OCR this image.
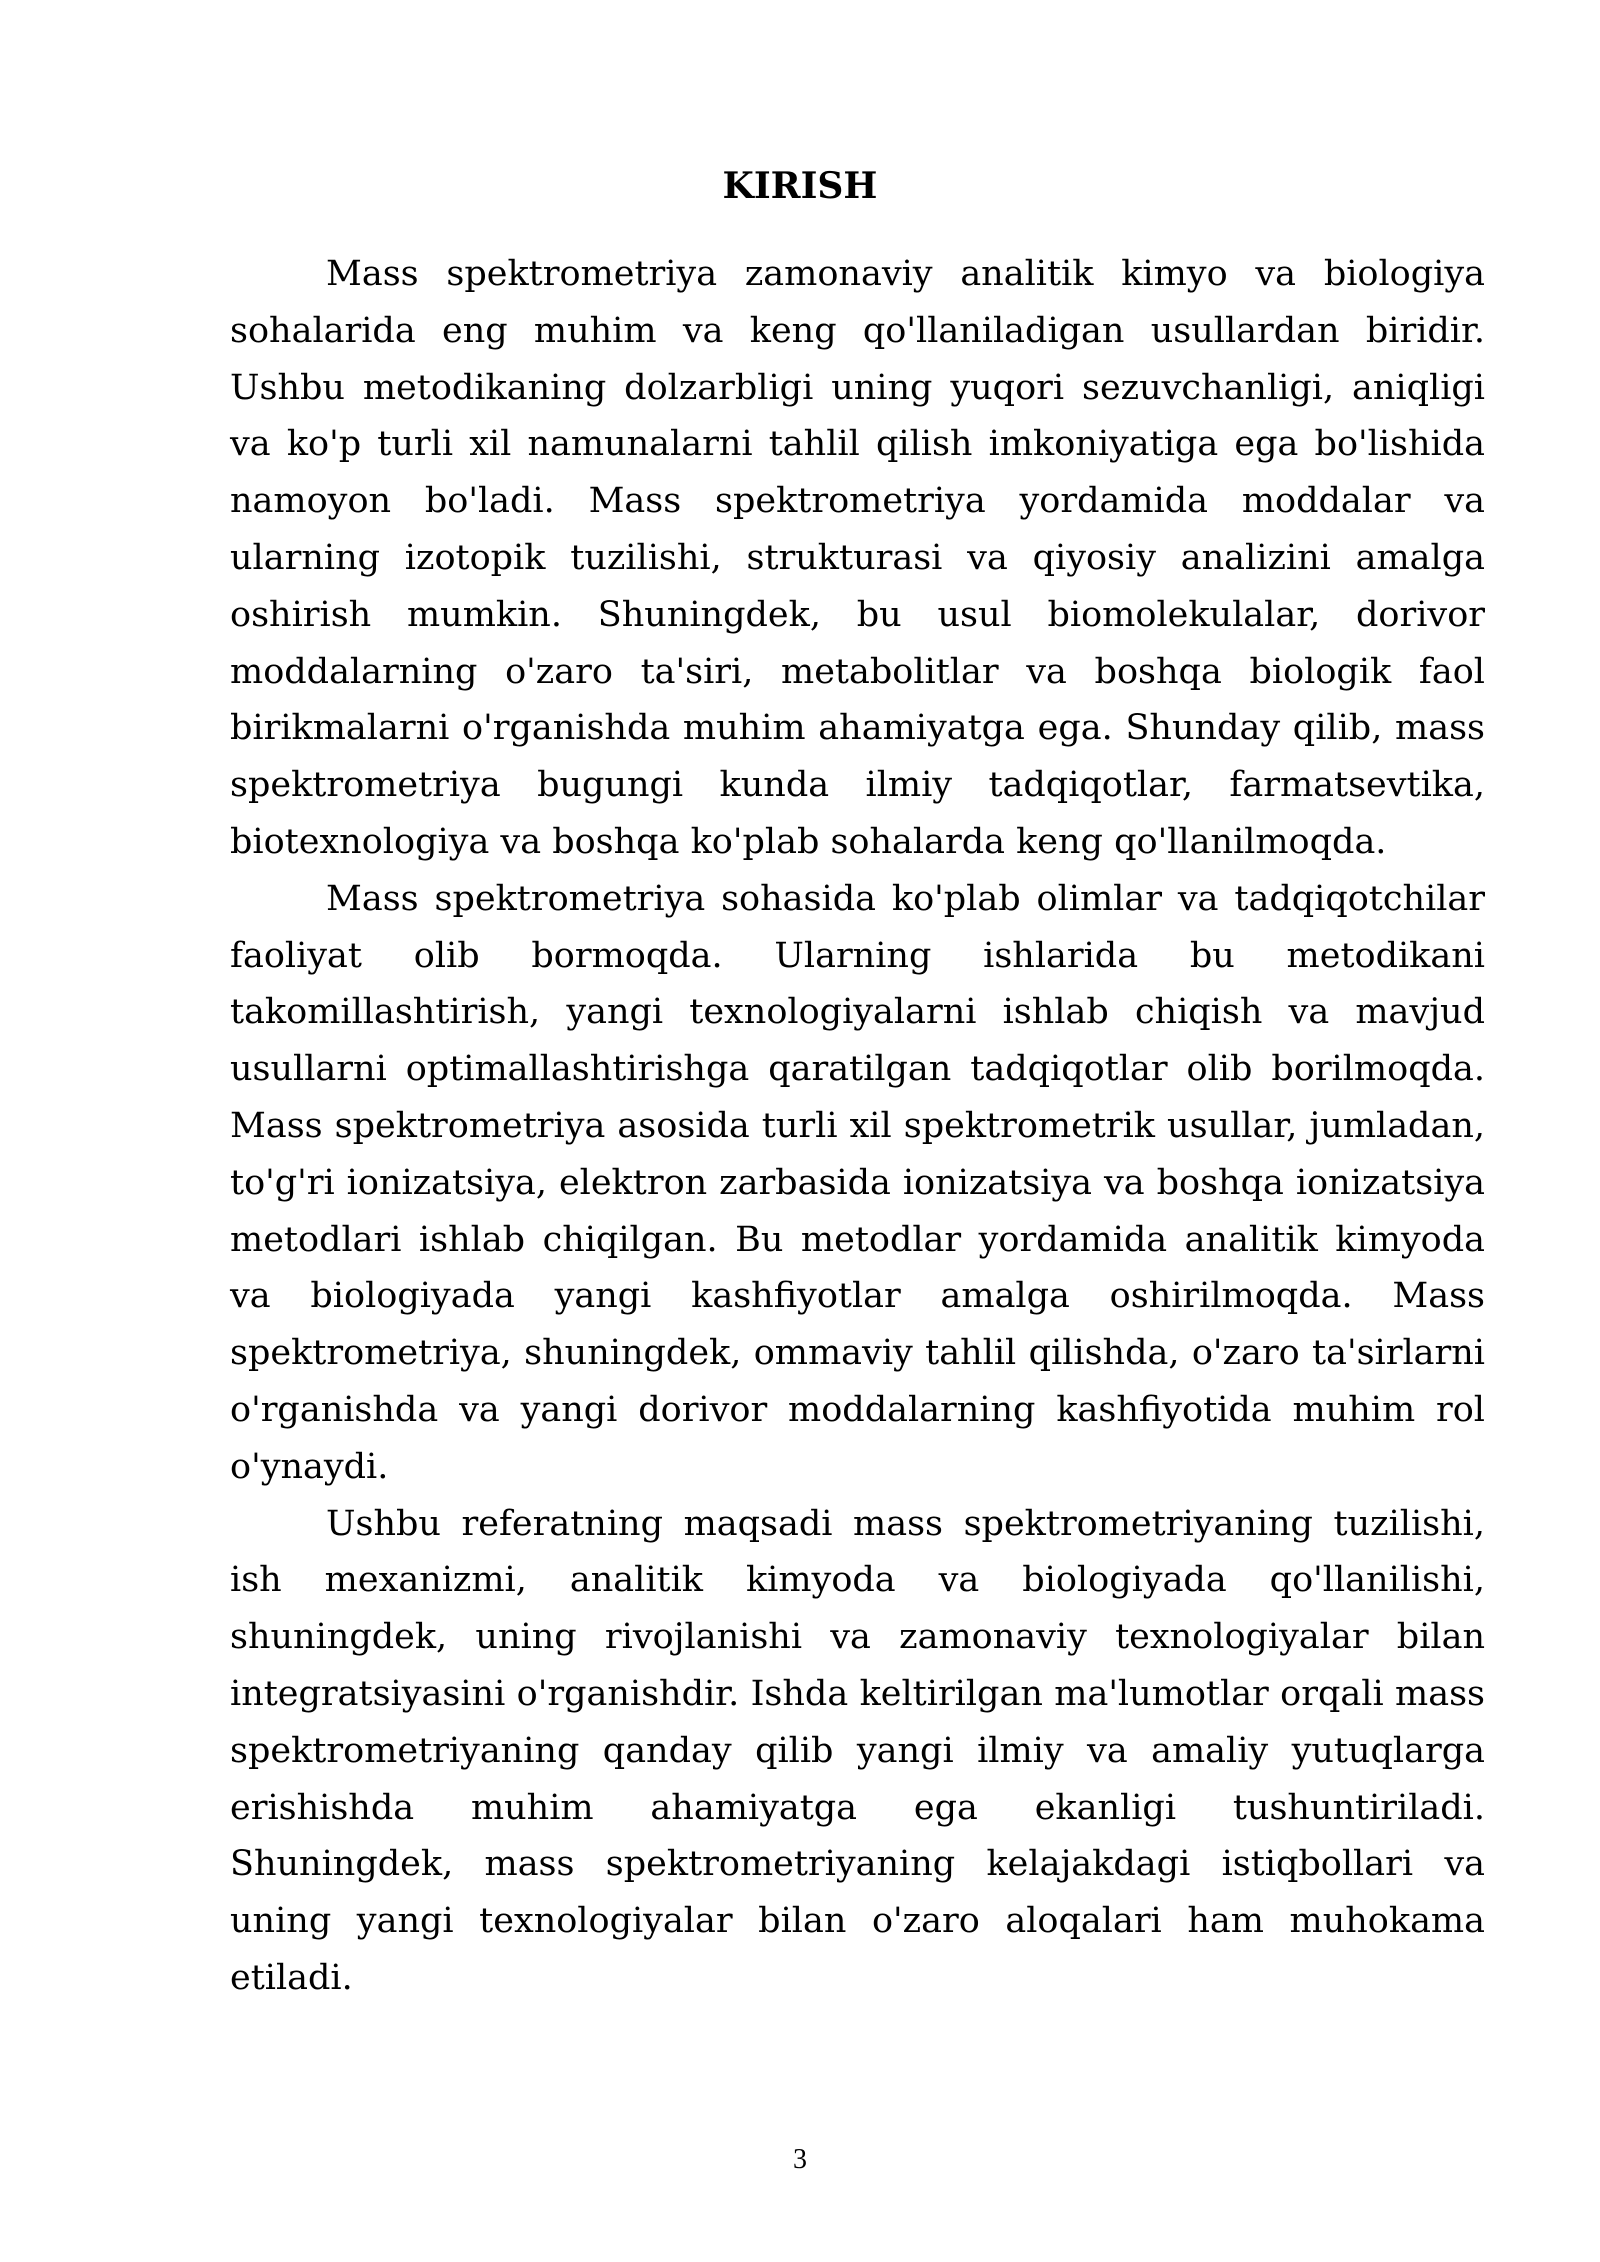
KIRISH

Mass spektrometriya zamonaviy analitik kimyo va biologiya sohalarida eng muhim va keng qo'llaniladigan usullardan biridir. Ushbu metodikaning dolzarbligi uning yuqori sezuvchanligi, aniqligi va ko'p turli xil namunalarni tahlil qilish imkoniyatiga ega bo'lishida namoyon bo'ladi. Mass spektrometriya yordamida moddalar va ularning izotopik tuzilishi, strukturasi va qiyosiy analizini amalga oshirish mumkin. Shuningdek, bu usul biomolekulalar, dorivor moddalarning o'zaro ta'siri, metabolitlar va boshqa biologik faol birikmalarni o'rganishda muhim ahamiyatga ega. Shunday qilib, mass spektrometriya bugungi kunda ilmiy tadqiqotlar, farmatsevtika, biotexnologiya va boshqa ko'plab sohalarda keng qo'llanilmoqda.

Mass spektrometriya sohasida ko'plab olimlar va tadqiqotchilar faoliyat olib bormoqda. Ularning ishlarida bu metodikani takomillashtirish, yangi texnologiyalarni ishlab chiqish va mavjud usullarni optimallashtirishga qaratilgan tadqiqotlar olib borilmoqda. Mass spektrometriya asosida turli xil spektrometrik usullar, jumladan, to'g'ri ionizatsiya, elektron zarbasida ionizatsiya va boshqa ionizatsiya metodlari ishlab chiqilgan. Bu metodlar yordamida analitik kimyoda va biologiyada yangi kashfiyotlar amalga oshirilmoqda. Mass spektrometriya, shuningdek, ommaviy tahlil qilishda, o'zaro ta'sirlarni o'rganishda va yangi dorivor moddalarning kashfiyotida muhim rol o'ynaydi.

Ushbu referatning maqsadi mass spektrometriyaning tuzilishi, ish mexanizmi, analitik kimyoda va biologiyada qo'llanilishi, shuningdek, uning rivojlanishi va zamonaviy texnologiyalar bilan integratsiyasini o'rganishdir. Ishda keltirilgan ma'lumotlar orqali mass spektrometriyaning qanday qilib yangi ilmiy va amaliy yutuqlarga erishishda muhim ahamiyatga ega ekanligi tushuntiriladi. Shuningdek, mass spektrometriyaning kelajakdagi istiqbollari va uning yangi texnologiyalar bilan o'zaro aloqalari ham muhokama etiladi.

3
